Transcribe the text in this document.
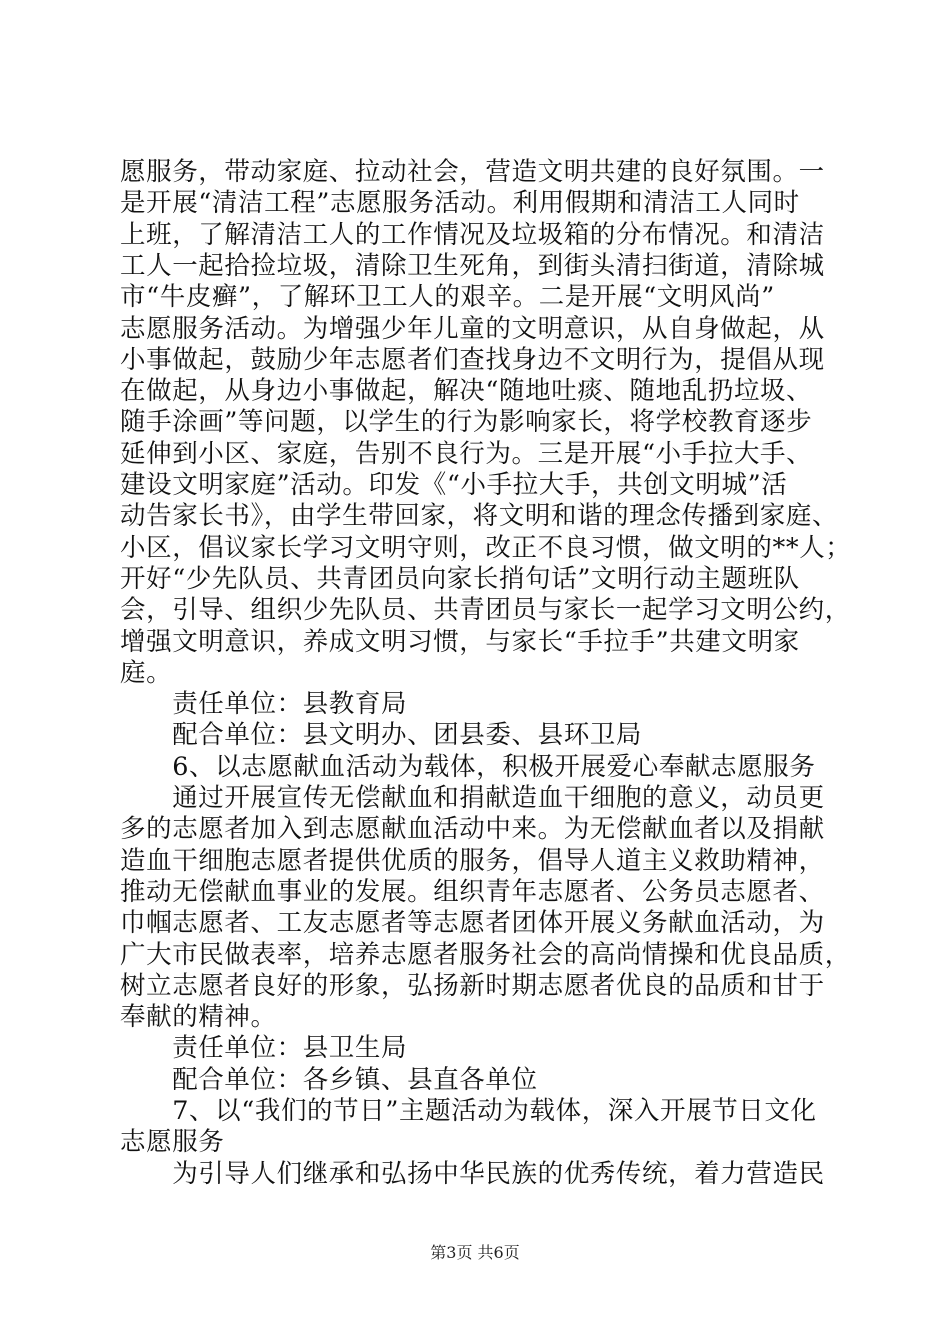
愿服务，带动家庭、拉动社会，营造文明共建的良好氛围。一
是开展“清洁工程”志愿服务活动。利用假期和清洁工人同时
上班，了解清洁工人的工作情况及垃圾箱的分布情况。和清洁
工人一起拾捡垃圾，清除卫生死角，到街头清扫街道，清除城
市“牛皮癣”，了解环卫工人的艰辛。二是开展“文明风尚”
志愿服务活动。为增强少年儿童的文明意识，从自身做起，从
小事做起，鼓励少年志愿者们查找身边不文明行为，提倡从现
在做起，从身边小事做起，解决“随地吐痰、随地乱扔垃圾、
随手涂画”等问题，以学生的行为影响家长，将学校教育逐步
延伸到小区、家庭，告别不良行为。三是开展“小手拉大手、
建设文明家庭”活动。印发《“小手拉大手，共创文明城”活
动告家长书》，由学生带回家，将文明和谐的理念传播到家庭、
小区，倡议家长学习文明守则，改正不良习惯，做文明的**人；
开好“少先队员、共青团员向家长捎句话”文明行动主题班队
会，引导、组织少先队员、共青团员与家长一起学习文明公约，
增强文明意识，养成文明习惯，与家长“手拉手”共建文明家
庭。
　　责任单位：县教育局
　　配合单位：县文明办、团县委、县环卫局
　　6、以志愿献血活动为载体，积极开展爱心奉献志愿服务
　　通过开展宣传无偿献血和捐献造血干细胞的意义，动员更
多的志愿者加入到志愿献血活动中来。为无偿献血者以及捐献
造血干细胞志愿者提供优质的服务，倡导人道主义救助精神，
推动无偿献血事业的发展。组织青年志愿者、公务员志愿者、
巾帼志愿者、工友志愿者等志愿者团体开展义务献血活动，为
广大市民做表率，培养志愿者服务社会的高尚情操和优良品质，
树立志愿者良好的形象，弘扬新时期志愿者优良的品质和甘于
奉献的精神。
　　责任单位：县卫生局
　　配合单位：各乡镇、县直各单位
　　7、以“我们的节日”主题活动为载体，深入开展节日文化
志愿服务
　　为引导人们继承和弘扬中华民族的优秀传统，着力营造民
第3页 共6页
